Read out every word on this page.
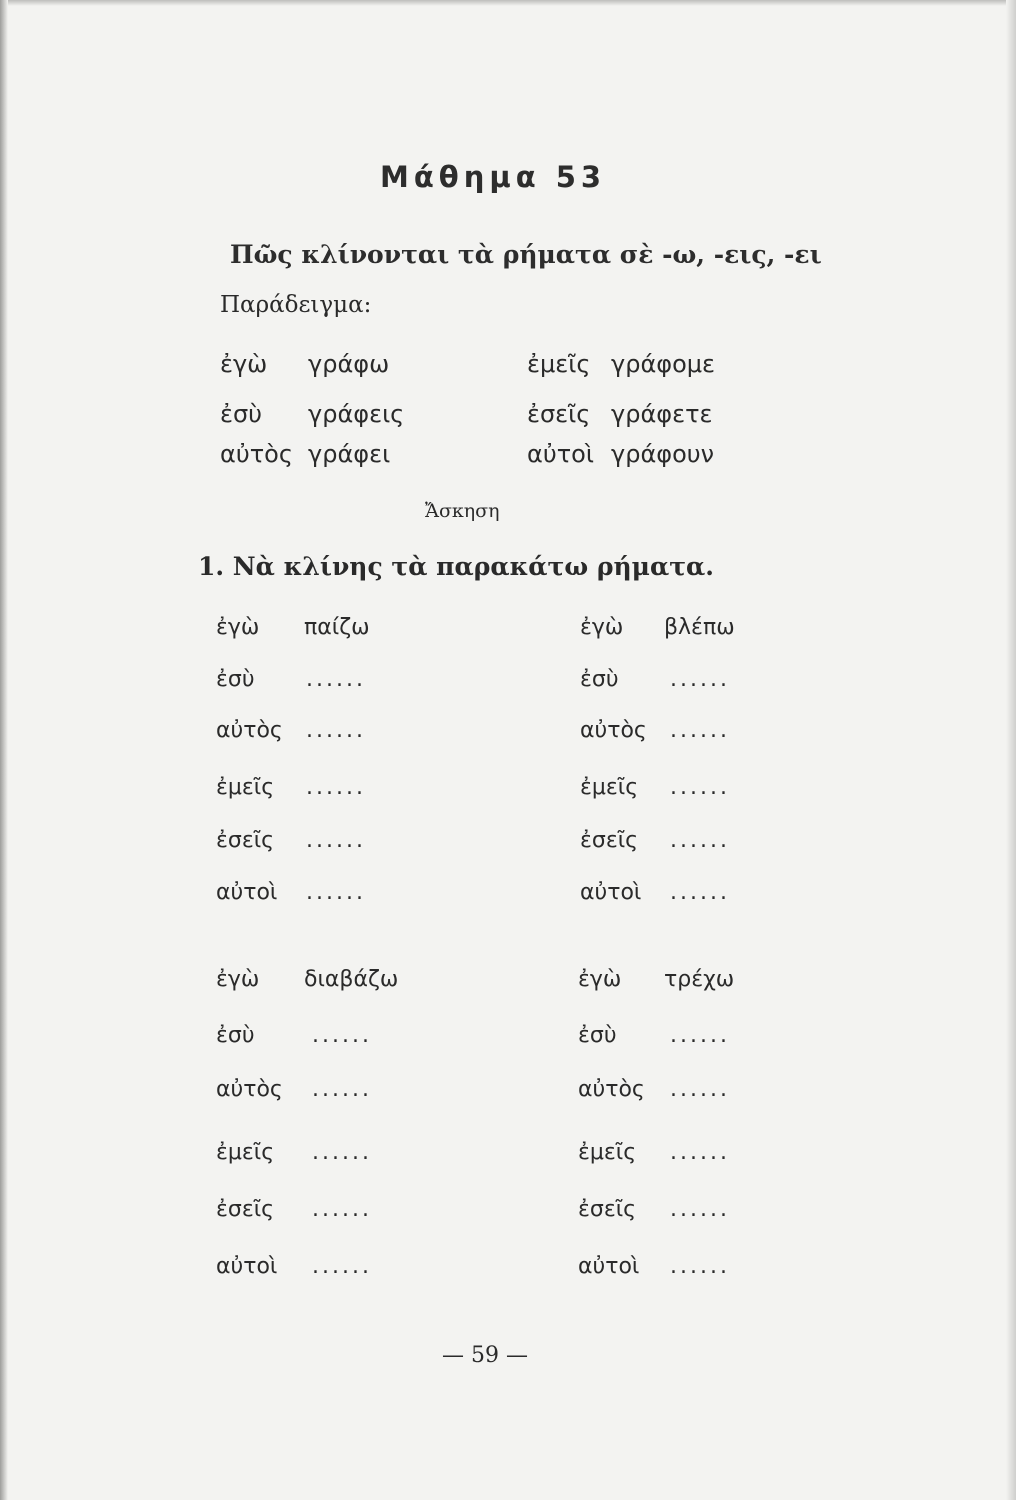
Μάθημα 53
Πῶς κλίνονται τὰ ρήματα σὲ -ω, -εις, -ει
Παράδειγμα:
ἐγὼ γράφω
ἐσὺ γράφεις
αὐτὸς γράφει
ἐμεῖς γράφομε
ἐσεῖς γράφετε
αὐτοὶ γράφουν
Ἄσκηση
1. Νὰ κλίνης τὰ παρακάτω ρήματα.
ἐγὼ παίζω
ἐσὺ ......
αὐτὸς ......
ἐμεῖς ......
ἐσεῖς ......
αὐτοὶ ......
ἐγὼ βλέπω
ἐσὺ ......
αὐτὸς ......
ἐμεῖς ......
ἐσεῖς ......
αὐτοὶ ......
ἐγὼ διαβάζω
ἐσὺ	......
αὐτὸς ......
ἐμεῖς ......
ἐσεῖς ......
αὐτοὶ ......
ἐγὼ τρέχω
ἐσὺ ......
αὐτὸς ......
ἐμεῖς ......
ἐσεῖς ......
αὐτοὶ ......
— 59 —
